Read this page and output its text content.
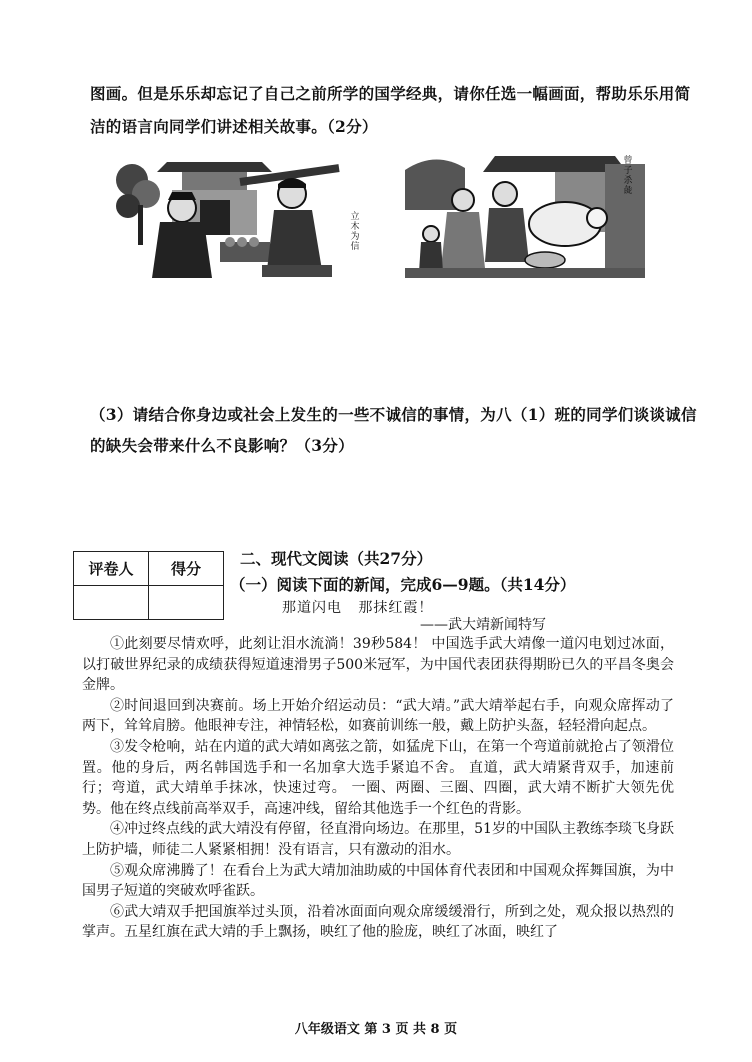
图画。但是乐乐却忘记了自己之前所学的国学经典，请你任选一幅画面，帮助乐乐用简
洁的语言向同学们讲述相关故事。（2分）
立木为信
曾子杀彘
（3）请结合你身边或社会上发生的一些不诚信的事情，为八（1）班的同学们谈谈诚信
的缺失会带来什么不良影响？（3分）
评卷人	得分

二、现代文阅读（共27分）
（一）阅读下面的新闻，完成6—9题。（共14分）
那道闪电   那抹红霞！
——武大靖新闻特写

①此刻要尽情欢呼，此刻让泪水流淌！39秒584！ 中国选手武大靖像一道闪电划过冰面，以打破世界纪录的成绩获得短道速滑男子500米冠军，为中国代表团获得期盼已久的平昌冬奥会金牌。

②时间退回到决赛前。场上开始介绍运动员：“武大靖。”武大靖举起右手，向观众席挥动了两下，耸耸肩膀。他眼神专注，神情轻松，如赛前训练一般，戴上防护头盔，轻轻滑向起点。

③发令枪响，站在内道的武大靖如离弦之箭，如猛虎下山，在第一个弯道前就抢占了领滑位置。他的身后，两名韩国选手和一名加拿大选手紧追不舍。 直道，武大靖紧背双手，加速前行；弯道，武大靖单手抹冰，快速过弯。 一圈、两圈、三圈、四圈，武大靖不断扩大领先优势。他在终点线前高举双手，高速冲线，留给其他选手一个红色的背影。

④冲过终点线的武大靖没有停留，径直滑向场边。在那里，51岁的中国队主教练李琰飞身跃上防护墙，师徒二人紧紧相拥！没有语言，只有激动的泪水。

⑤观众席沸腾了！在看台上为武大靖加油助威的中国体育代表团和中国观众挥舞国旗，为中国男子短道的突破欢呼雀跃。

⑥武大靖双手把国旗举过头顶，沿着冰面面向观众席缓缓滑行，所到之处，观众报以热烈的掌声。五星红旗在武大靖的手上飘扬，映红了他的脸庞，映红了冰面，映红了

八年级语文 第 3 页 共 8 页
